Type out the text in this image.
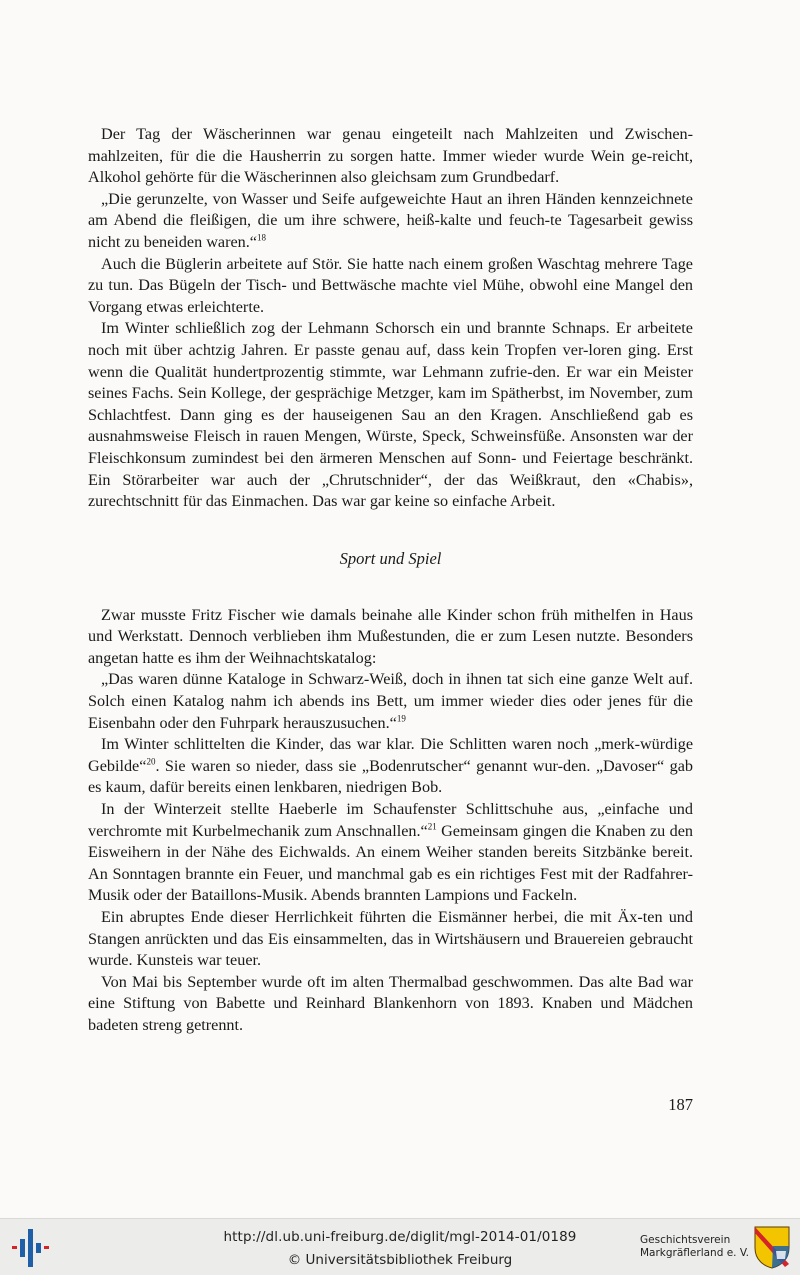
Der Tag der Wäscherinnen war genau eingeteilt nach Mahlzeiten und Zwischen-mahlzeiten, für die die Hausherrin zu sorgen hatte. Immer wieder wurde Wein ge-reicht, Alkohol gehörte für die Wäscherinnen also gleichsam zum Grundbedarf.

„Die gerunzelte, von Wasser und Seife aufgeweichte Haut an ihren Händen kennzeichnete am Abend die fleißigen, die um ihre schwere, heiß-kalte und feuch-te Tagesarbeit gewiss nicht zu beneiden waren.“$^{18}$

Auch die Büglerin arbeitete auf Stör. Sie hatte nach einem großen Waschtag mehrere Tage zu tun. Das Bügeln der Tisch- und Bettwäsche machte viel Mühe, obwohl eine Mangel den Vorgang etwas erleichterte.

Im Winter schließlich zog der Lehmann Schorsch ein und brannte Schnaps. Er arbeitete noch mit über achtzig Jahren. Er passte genau auf, dass kein Tropfen ver-loren ging. Erst wenn die Qualität hundertprozentig stimmte, war Lehmann zufrie-den. Er war ein Meister seines Fachs. Sein Kollege, der gesprächige Metzger, kam im Spätherbst, im November, zum Schlachtfest. Dann ging es der hauseigenen Sau an den Kragen. Anschließend gab es ausnahmsweise Fleisch in rauen Mengen, Würste, Speck, Schweinsfüße. Ansonsten war der Fleischkonsum zumindest bei den ärmeren Menschen auf Sonn- und Feiertage beschränkt. Ein Störarbeiter war auch der „Chrutschnider“, der das Weißkraut, den «Chabis», zurechtschnitt für das Einmachen. Das war gar keine so einfache Arbeit.

Sport und Spiel

Zwar musste Fritz Fischer wie damals beinahe alle Kinder schon früh mithelfen in Haus und Werkstatt. Dennoch verblieben ihm Mußestunden, die er zum Lesen nutzte. Besonders angetan hatte es ihm der Weihnachtskatalog:

„Das waren dünne Kataloge in Schwarz-Weiß, doch in ihnen tat sich eine ganze Welt auf. Solch einen Katalog nahm ich abends ins Bett, um immer wieder dies oder jenes für die Eisenbahn oder den Fuhrpark herauszusuchen.“$^{19}$

Im Winter schlittelten die Kinder, das war klar. Die Schlitten waren noch „merk-würdige Gebilde“$^{20}$. Sie waren so nieder, dass sie „Bodenrutscher“ genannt wur-den. „Davoser“ gab es kaum, dafür bereits einen lenkbaren, niedrigen Bob.

In der Winterzeit stellte Haeberle im Schaufenster Schlittschuhe aus, „einfache und verchromte mit Kurbelmechanik zum Anschnallen.“$^{21}$ Gemeinsam gingen die Knaben zu den Eisweihern in der Nähe des Eichwalds. An einem Weiher standen bereits Sitzbänke bereit. An Sonntagen brannte ein Feuer, und manchmal gab es ein richtiges Fest mit der Radfahrer-Musik oder der Bataillons-Musik. Abends brannten Lampions und Fackeln.

Ein abruptes Ende dieser Herrlichkeit führten die Eismänner herbei, die mit Äx-ten und Stangen anrückten und das Eis einsammelten, das in Wirtshäusern und Brauereien gebraucht wurde. Kunsteis war teuer.

Von Mai bis September wurde oft im alten Thermalbad geschwommen. Das alte Bad war eine Stiftung von Babette und Reinhard Blankenhorn von 1893. Knaben und Mädchen badeten streng getrennt.

187
http://dl.ub.uni-freiburg.de/diglit/mgl-2014-01/0189
© Universitätsbibliothek Freiburg
Geschichtsverein
Markgräflerland e. V.
